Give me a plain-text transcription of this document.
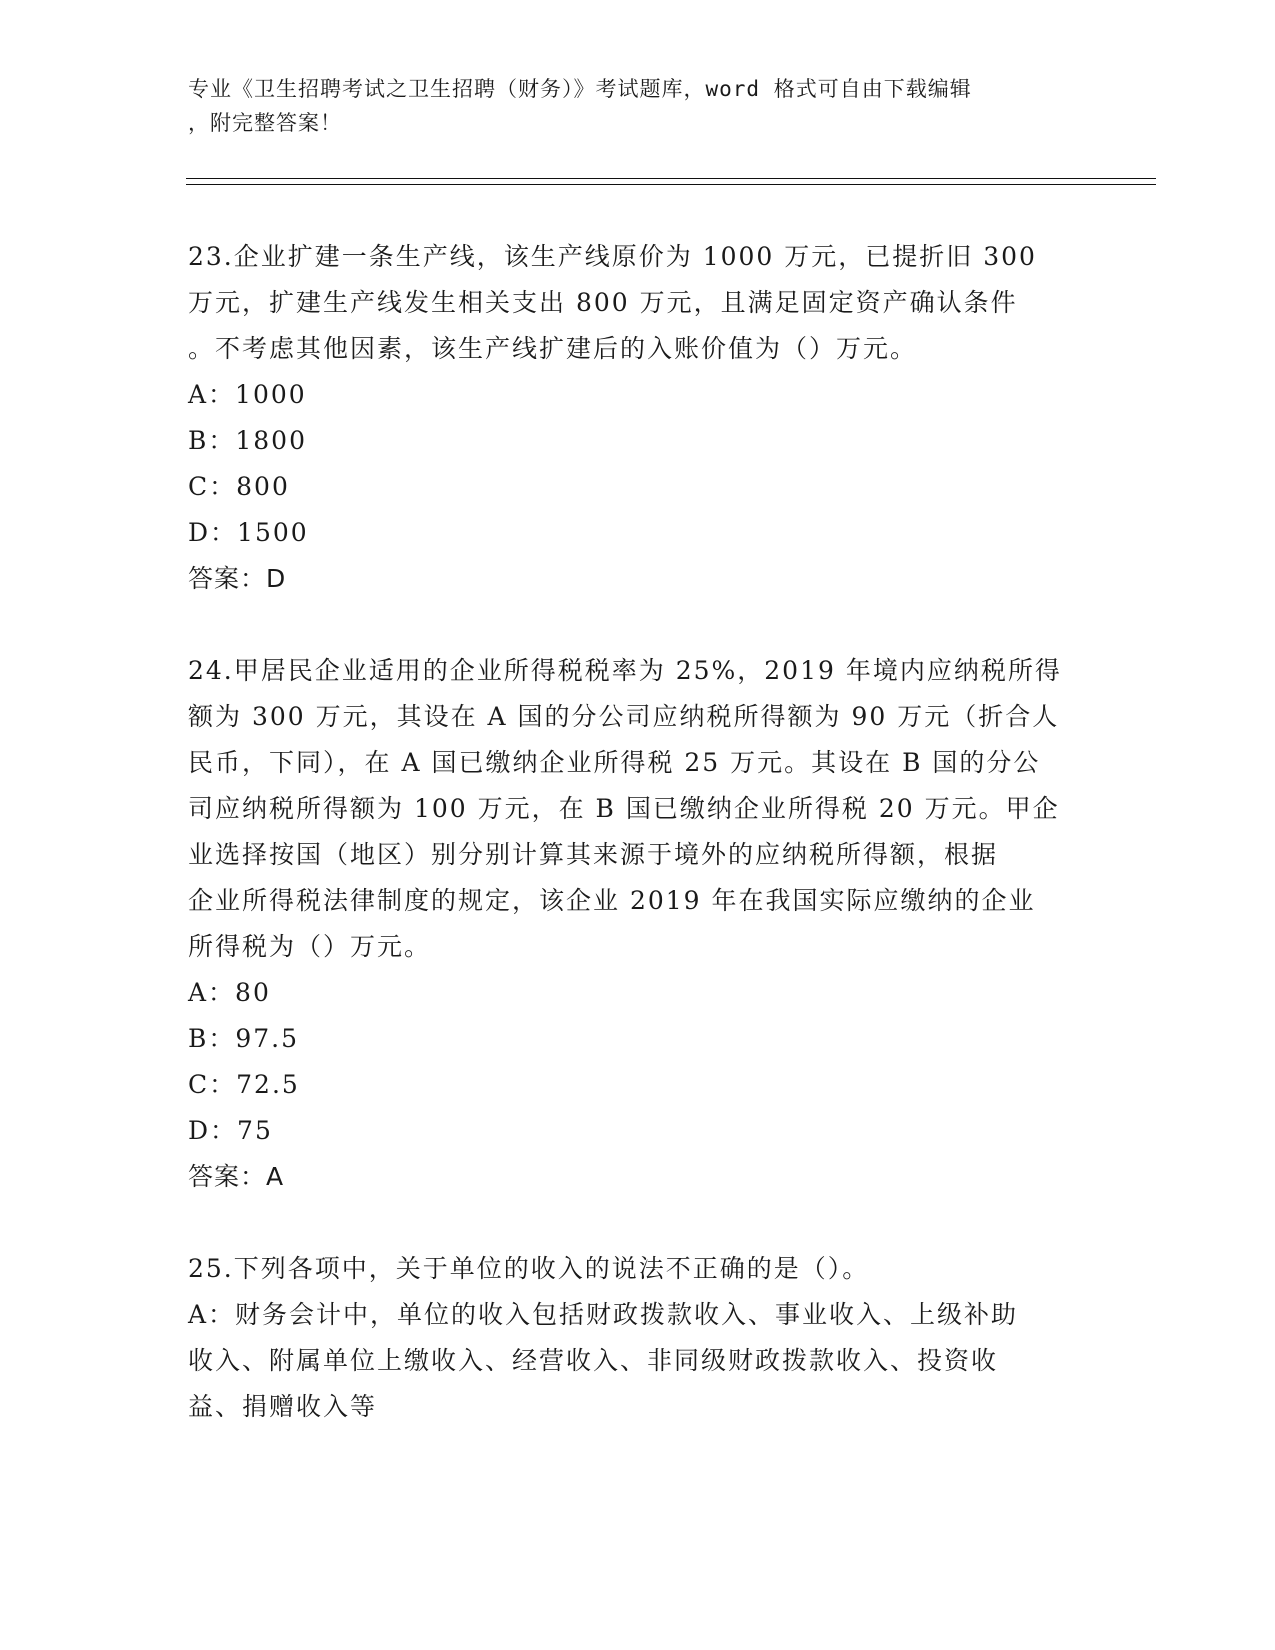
专业《卫生招聘考试之卫生招聘（财务）》考试题库，word 格式可自由下载编辑
，附完整答案！
23.企业扩建一条生产线，该生产线原价为 1000 万元，已提折旧 300
万元，扩建生产线发生相关支出 800 万元，且满足固定资产确认条件
。不考虑其他因素，该生产线扩建后的入账价值为（）万元。
A：1000
B：1800
C：800
D：1500
答案：D
24.甲居民企业适用的企业所得税税率为 25%，2019 年境内应纳税所得
额为 300 万元，其设在 A 国的分公司应纳税所得额为 90 万元（折合人
民币，下同），在 A 国已缴纳企业所得税 25 万元。其设在 B 国的分公
司应纳税所得额为 100 万元，在 B 国已缴纳企业所得税 20 万元。甲企
业选择按国（地区）别分别计算其来源于境外的应纳税所得额，根据
企业所得税法律制度的规定，该企业 2019 年在我国实际应缴纳的企业
所得税为（）万元。
A：80
B：97.5
C：72.5
D：75
答案：A
25.下列各项中，关于单位的收入的说法不正确的是（）。
A：财务会计中，单位的收入包括财政拨款收入、事业收入、上级补助
收入、附属单位上缴收入、经营收入、非同级财政拨款收入、投资收
益、捐赠收入等
